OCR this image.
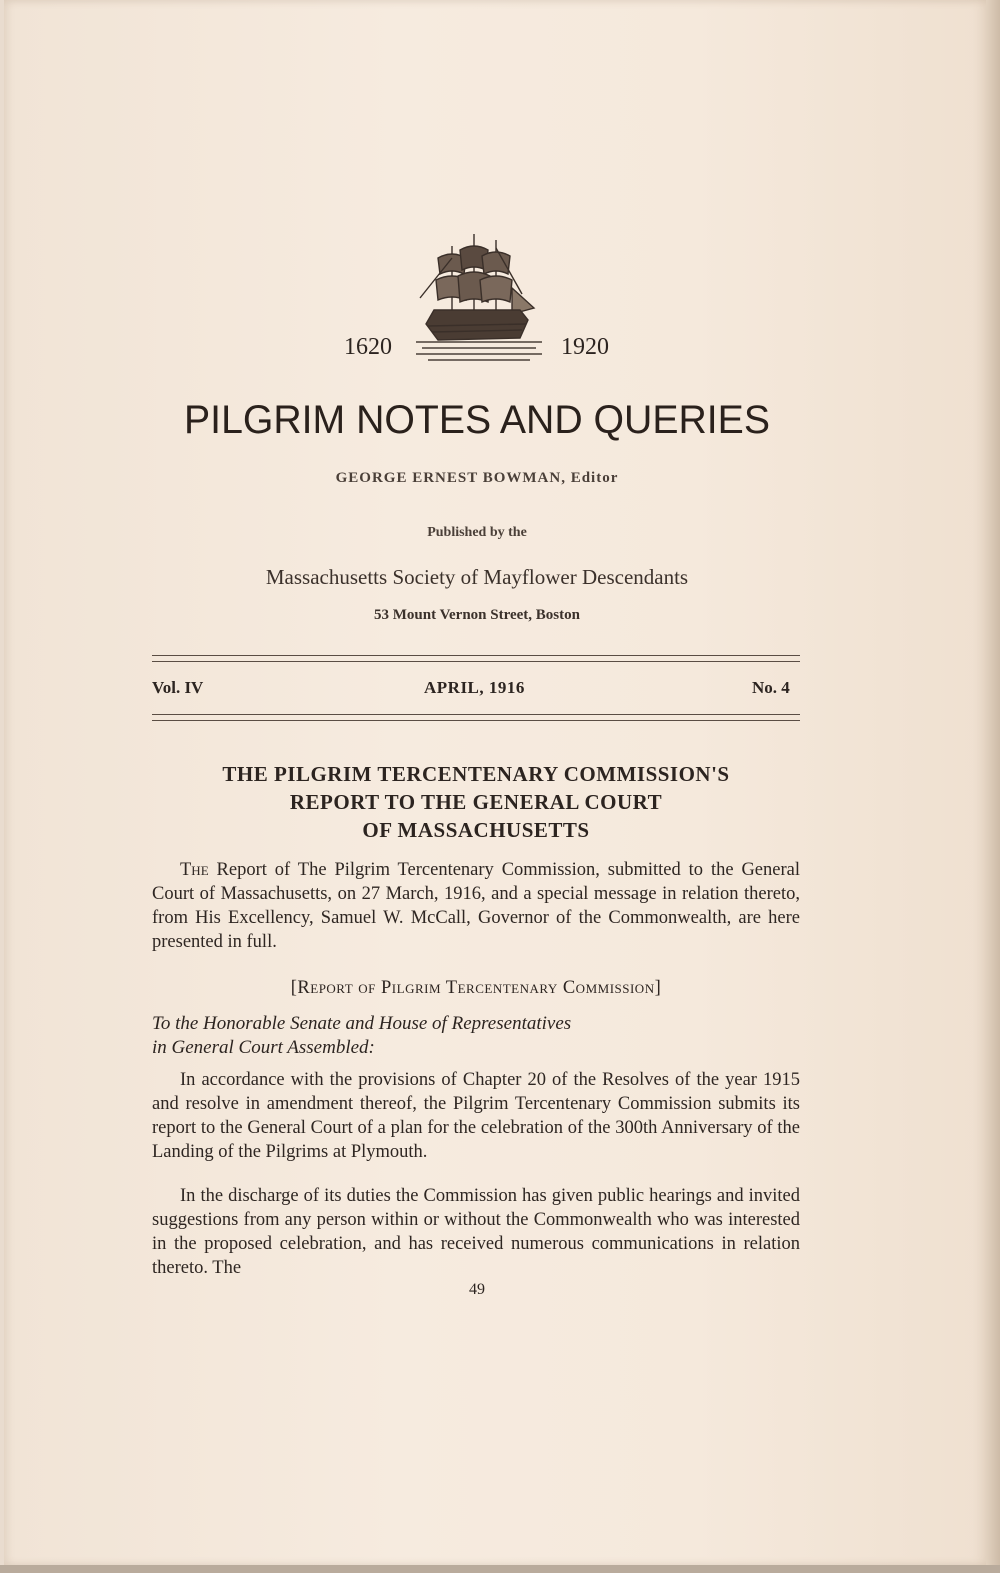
1620	1920
PILGRIM NOTES AND QUERIES
GEORGE ERNEST BOWMAN, Editor
Published by the
Massachusetts Society of Mayflower Descendants
53 Mount Vernon Street, Boston
Vol. IV	APRIL, 1916	No. 4
THE PILGRIM TERCENTENARY COMMISSION'S
REPORT TO THE GENERAL COURT
OF MASSACHUSETTS
The Report of The Pilgrim Tercentenary Commission, submitted to the General Court of Massachusetts, on 27 March, 1916, and a special message in relation thereto, from His Excellency, Samuel W. McCall, Governor of the Commonwealth, are here presented in full.
[Report of Pilgrim Tercentenary Commission]
To the Honorable Senate and House of Representatives
in General Court Assembled:
In accordance with the provisions of Chapter 20 of the Resolves of the year 1915 and resolve in amendment thereof, the Pilgrim Tercentenary Commission submits its report to the General Court of a plan for the celebration of the 300th Anniversary of the Landing of the Pilgrims at Plymouth.
In the discharge of its duties the Commission has given public hearings and invited suggestions from any person within or without the Commonwealth who was interested in the proposed celebration, and has received numerous communications in relation thereto. The
49
